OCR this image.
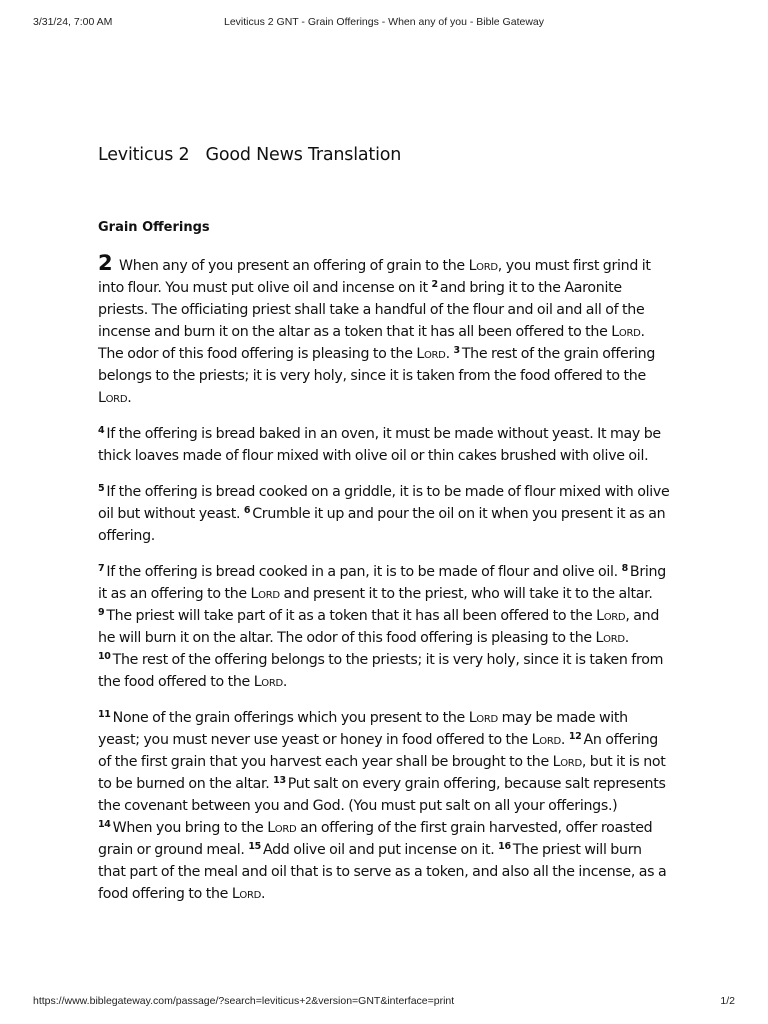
3/31/24, 7:00 AM	Leviticus 2 GNT - Grain Offerings - When any of you - Bible Gateway
Leviticus 2 Good News Translation
Grain Offerings

2 When any of you present an offering of grain to the Lord, you must first grind it into flour. You must put olive oil and incense on it $^2$ and bring it to the Aaronite priests. The officiating priest shall take a handful of the flour and oil and all of the incense and burn it on the altar as a token that it has all been offered to the Lord. The odor of this food offering is pleasing to the Lord. $^3$ The rest of the grain offering belongs to the priests; it is very holy, since it is taken from the food offered to the Lord.

$^4$ If the offering is bread baked in an oven, it must be made without yeast. It may be thick loaves made of flour mixed with olive oil or thin cakes brushed with olive oil.

$^5$ If the offering is bread cooked on a griddle, it is to be made of flour mixed with olive oil but without yeast. $^6$ Crumble it up and pour the oil on it when you present it as an offering.

$^7$ If the offering is bread cooked in a pan, it is to be made of flour and olive oil. $^8$ Bring it as an offering to the Lord and present it to the priest, who will take it to the altar. $^9$ The priest will take part of it as a token that it has all been offered to the Lord, and he will burn it on the altar. The odor of this food offering is pleasing to the Lord. $^{10}$ The rest of the offering belongs to the priests; it is very holy, since it is taken from the food offered to the Lord.

$^{11}$ None of the grain offerings which you present to the Lord may be made with yeast; you must never use yeast or honey in food offered to the Lord. $^{12}$ An offering of the first grain that you harvest each year shall be brought to the Lord, but it is not to be burned on the altar. $^{13}$ Put salt on every grain offering, because salt represents the covenant between you and God. (You must put salt on all your offerings.) $^{14}$ When you bring to the Lord an offering of the first grain harvested, offer roasted grain or ground meal. $^{15}$ Add olive oil and put incense on it. $^{16}$ The priest will burn that part of the meal and oil that is to serve as a token, and also all the incense, as a food offering to the Lord.

https://www.biblegateway.com/passage/?search=leviticus+2&version=GNT&interface=print	1/2
